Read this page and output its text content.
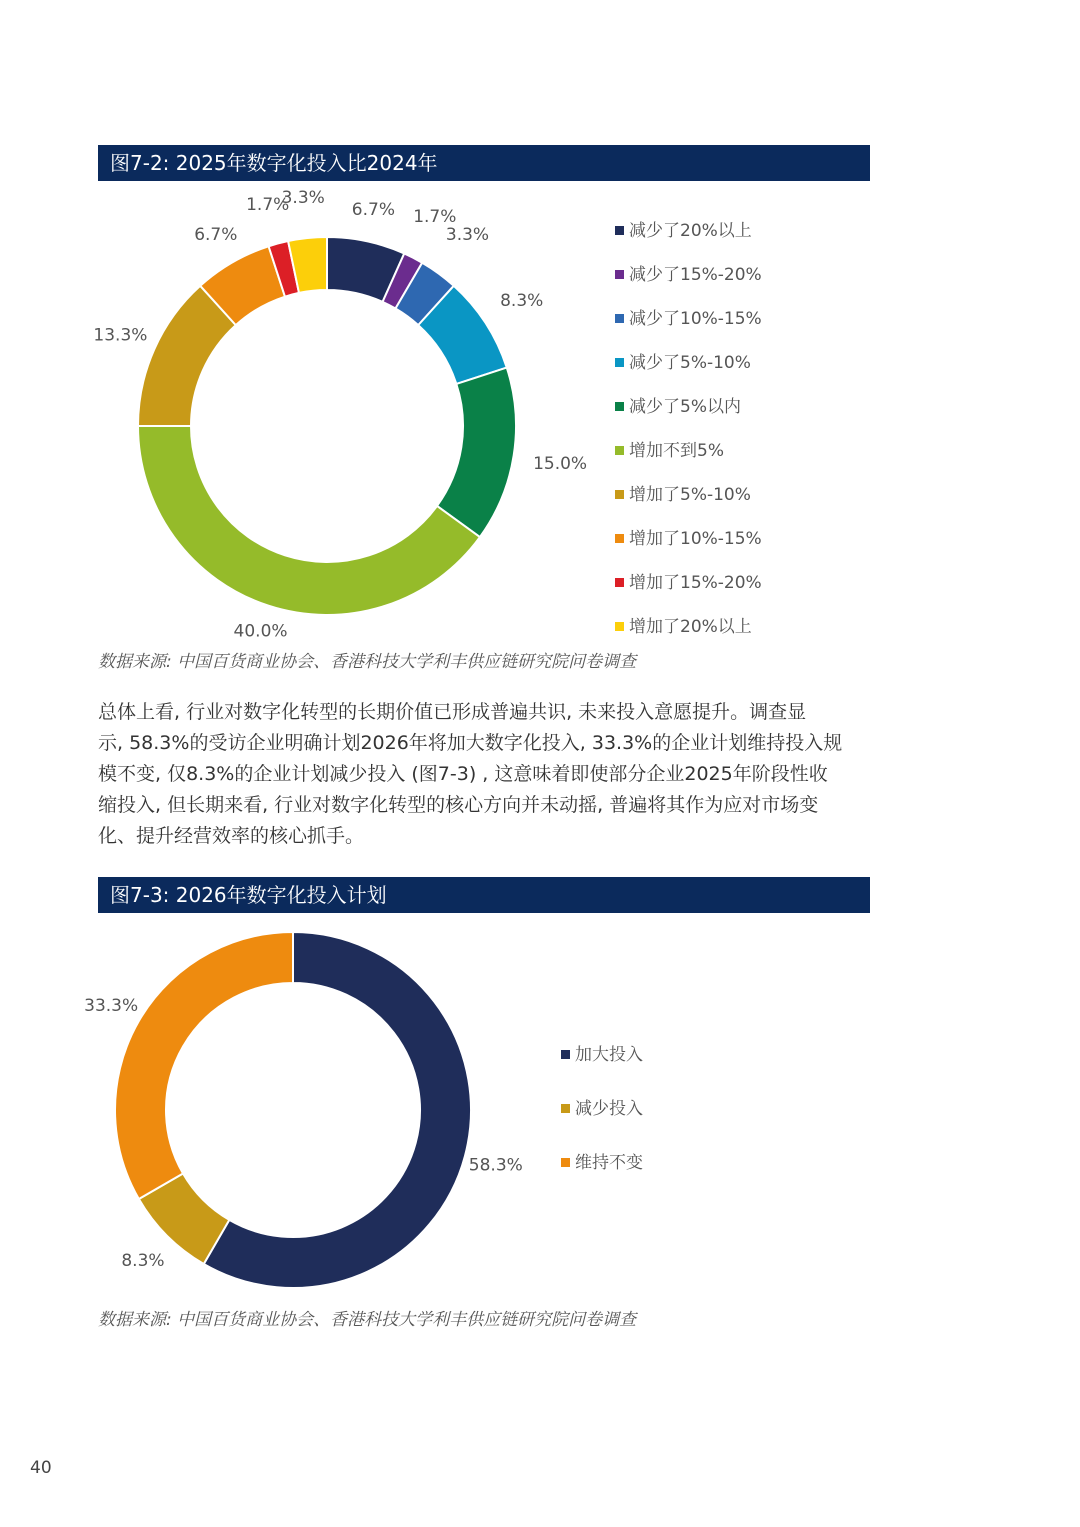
图7-2: 2025年数字化投入比2024年
6.7% 1.7%
3.3%
8.3%
15.0%
40.0%
13.3%
6.7%
1.7%
3.3%
减少了20%以上
减少了15%-20%
减少了10%-15%
减少了5%-10%
减少了5%以内
增加不到5%
增加了5%-10%
增加了10%-15%
增加了15%-20%
增加了20%以上
数据来源: 中国百货商业协会、香港科技大学利丰供应链研究院问卷调查
总体上看, 行业对数字化转型的长期价值已形成普遍共识, 未来投入意愿提升。调查显
示, 58.3%的受访企业明确计划2026年将加大数字化投入, 33.3%的企业计划维持投入规
模不变, 仅8.3%的企业计划减少投入 (图7-3) , 这意味着即使部分企业2025年阶段性收
缩投入, 但长期来看, 行业对数字化转型的核心方向并未动摇, 普遍将其作为应对市场变
化、提升经营效率的核心抓手。
图7-3: 2026年数字化投入计划
58.3%
8.3%
33.3%
加大投入
减少投入
维持不变
数据来源: 中国百货商业协会、香港科技大学利丰供应链研究院问卷调查
40
